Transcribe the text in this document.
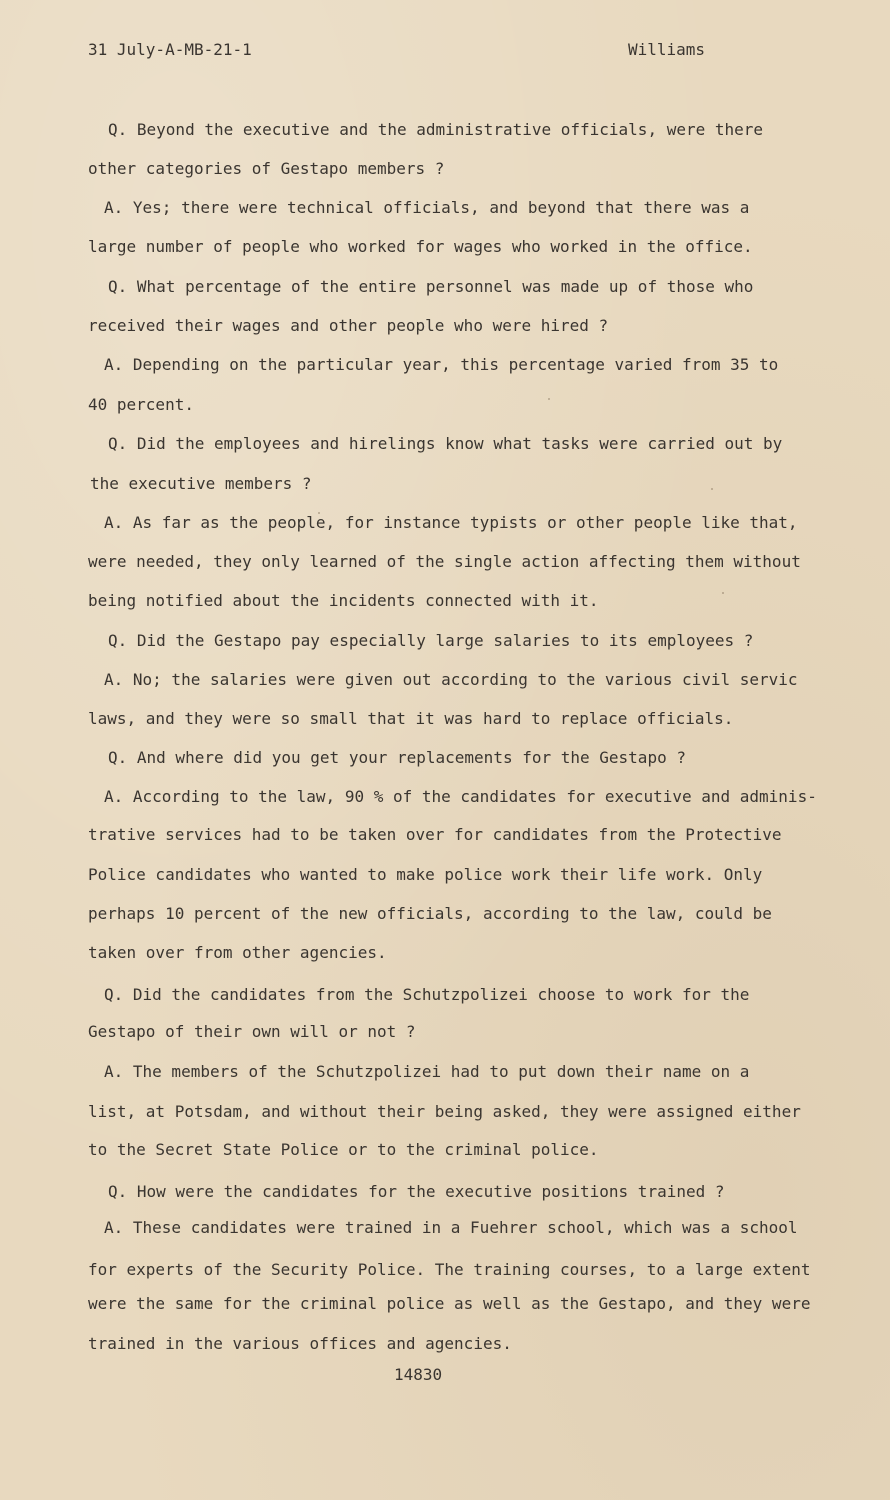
31 July-A-MB-21-1	Williams
Q. Beyond the executive and the administrative officials, were there
other categories of Gestapo members ?
A. Yes; there were technical officials, and beyond that there was a
large number of people who worked for wages who worked in the office.
Q. What percentage of the entire personnel was made up of those who
received their wages and other people who were hired ?
A. Depending on the particular year, this percentage varied from 35 to
40 percent.
Q. Did the employees and hirelings know what tasks were carried out by
the executive members ?
A. As far as the people, for instance typists or other people like that,
were needed, they only learned of the single action affecting them without
being notified about the incidents connected with it.
Q. Did the Gestapo pay especially large salaries to its employees ?
A. No; the salaries were given out according to the various civil servic
laws, and they were so small that it was hard to replace officials.
Q. And where did you get your replacements for the Gestapo ?
A. According to the law, 90 % of the candidates for executive and adminis-
trative services had to be taken over for candidates from the Protective
Police candidates who wanted to make police work their life work. Only
perhaps 10 percent of the new officials, according to the law, could be
taken over from other agencies.
Q. Did the candidates from the Schutzpolizei choose to work for the
Gestapo of their own will or not ?
A. The members of the Schutzpolizei had to put down their name on a
list, at Potsdam, and without their being asked, they were assigned either
to the Secret State Police or to the criminal police.
Q. How were the candidates for the executive positions trained ?
A. These candidates were trained in a Fuehrer school, which was a school
for experts of the Security Police. The training courses, to a large extent
were the same for the criminal police as well as the Gestapo, and they were
trained in the various offices and agencies.
14830
